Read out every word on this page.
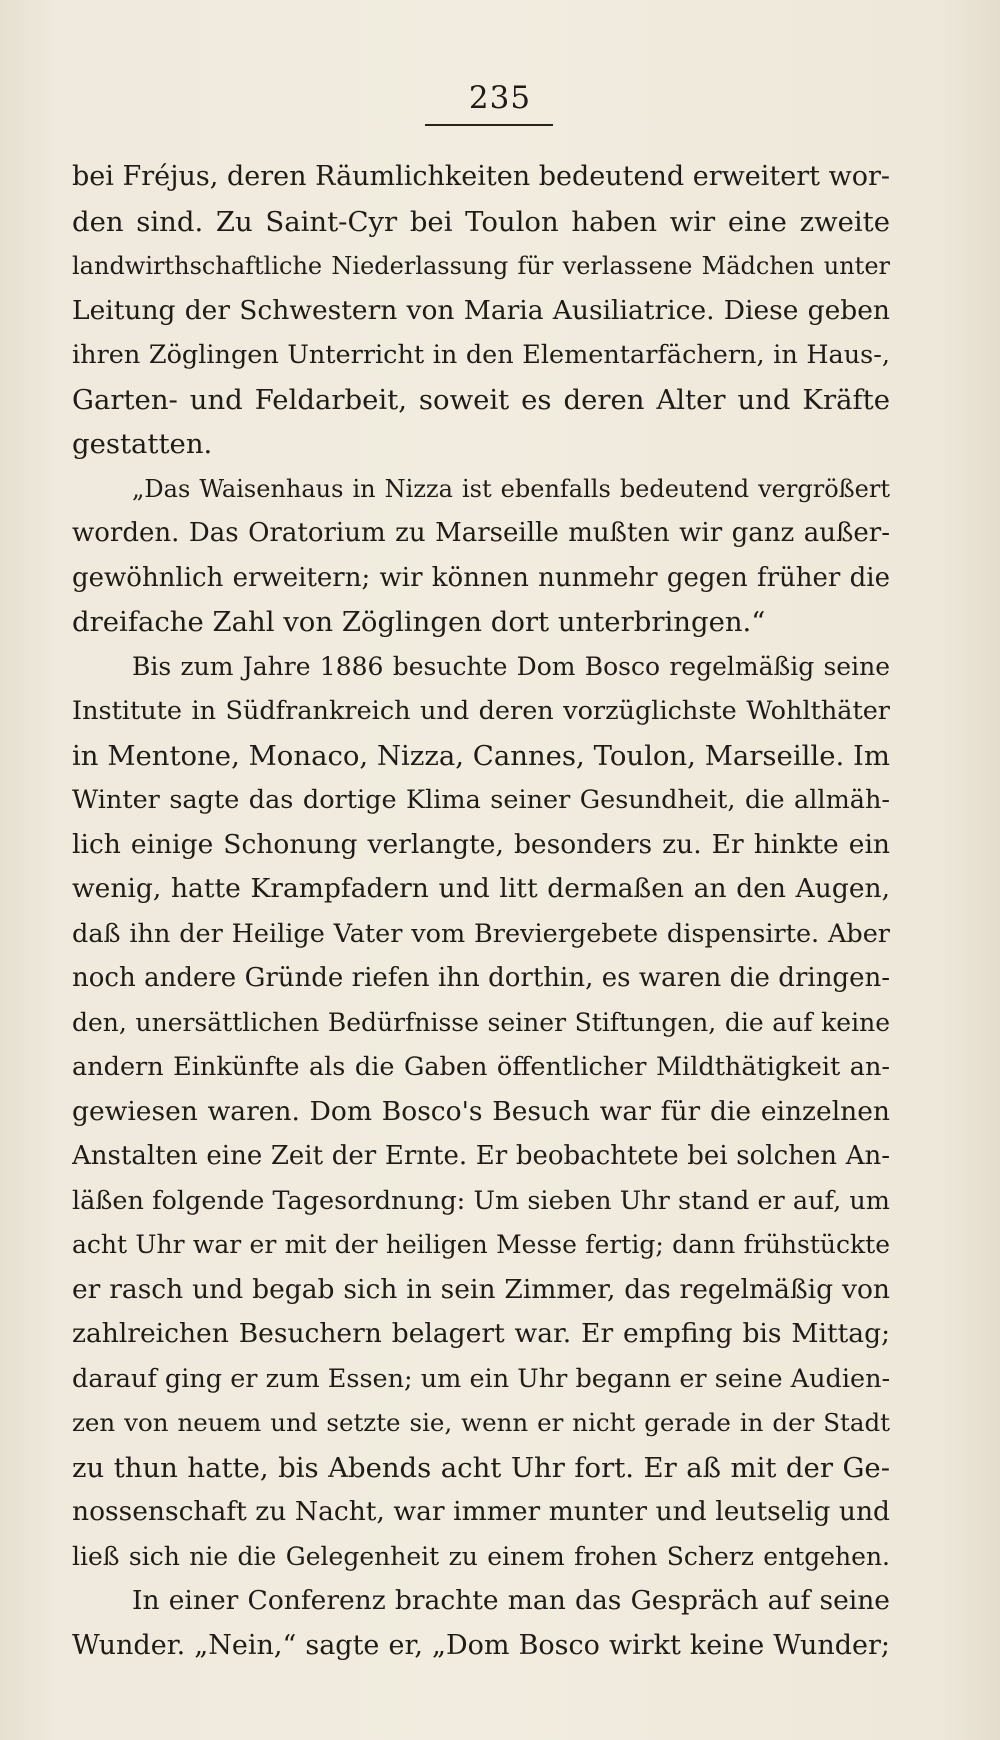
235
bei Fréjus, deren Räumlichkeiten bedeutend erweitert wor-
den sind. Zu Saint-Cyr bei Toulon haben wir eine zweite
landwirthschaftliche Niederlassung für verlassene Mädchen unter
Leitung der Schwestern von Maria Ausiliatrice. Diese geben
ihren Zöglingen Unterricht in den Elementarfächern, in Haus-,
Garten- und Feldarbeit, soweit es deren Alter und Kräfte
gestatten.
„Das Waisenhaus in Nizza ist ebenfalls bedeutend vergrößert
worden. Das Oratorium zu Marseille mußten wir ganz außer-
gewöhnlich erweitern; wir können nunmehr gegen früher die
dreifache Zahl von Zöglingen dort unterbringen.“
Bis zum Jahre 1886 besuchte Dom Bosco regelmäßig seine
Institute in Südfrankreich und deren vorzüglichste Wohlthäter
in Mentone, Monaco, Nizza, Cannes, Toulon, Marseille. Im
Winter sagte das dortige Klima seiner Gesundheit, die allmäh-
lich einige Schonung verlangte, besonders zu. Er hinkte ein
wenig, hatte Krampfadern und litt dermaßen an den Augen,
daß ihn der Heilige Vater vom Breviergebete dispensirte. Aber
noch andere Gründe riefen ihn dorthin, es waren die dringen-
den, unersättlichen Bedürfnisse seiner Stiftungen, die auf keine
andern Einkünfte als die Gaben öffentlicher Mildthätigkeit an-
gewiesen waren. Dom Bosco's Besuch war für die einzelnen
Anstalten eine Zeit der Ernte. Er beobachtete bei solchen An-
läßen folgende Tagesordnung: Um sieben Uhr stand er auf, um
acht Uhr war er mit der heiligen Messe fertig; dann frühstückte
er rasch und begab sich in sein Zimmer, das regelmäßig von
zahlreichen Besuchern belagert war. Er empfing bis Mittag;
darauf ging er zum Essen; um ein Uhr begann er seine Audien-
zen von neuem und setzte sie, wenn er nicht gerade in der Stadt
zu thun hatte, bis Abends acht Uhr fort. Er aß mit der Ge-
nossenschaft zu Nacht, war immer munter und leutselig und
ließ sich nie die Gelegenheit zu einem frohen Scherz entgehen.
In einer Conferenz brachte man das Gespräch auf seine
Wunder. „Nein,“ sagte er, „Dom Bosco wirkt keine Wunder;
